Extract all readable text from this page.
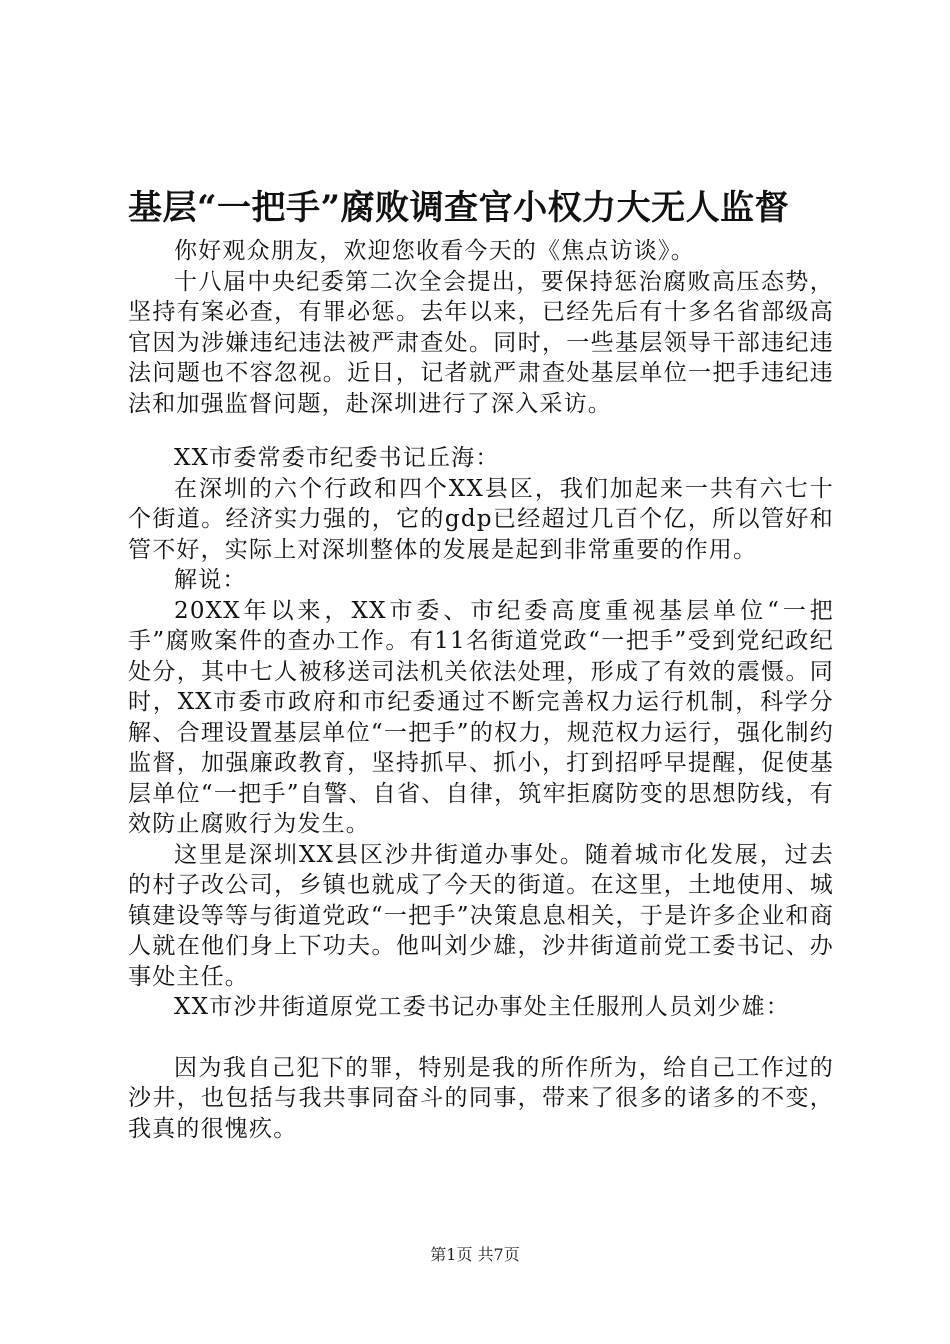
基层“一把手”腐败调查官小权力大无人监督

你好观众朋友，欢迎您收看今天的《焦点访谈》。

十八届中央纪委第二次全会提出，要保持惩治腐败高压态势，坚持有案必查，有罪必惩。去年以来，已经先后有十多名省部级高官因为涉嫌违纪违法被严肃查处。同时，一些基层领导干部违纪违法问题也不容忽视。近日，记者就严肃查处基层单位一把手违纪违法和加强监督问题，赴深圳进行了深入采访。

XX市委常委市纪委书记丘海：

在深圳的六个行政和四个XX县区，我们加起来一共有六七十个街道。经济实力强的，它的gdp已经超过几百个亿，所以管好和管不好，实际上对深圳整体的发展是起到非常重要的作用。

解说：

20XX年以来，XX市委、市纪委高度重视基层单位“一把手”腐败案件的查办工作。有11名街道党政“一把手”受到党纪政纪处分，其中七人被移送司法机关依法处理，形成了有效的震慑。同时，XX市委市政府和市纪委通过不断完善权力运行机制，科学分解、合理设置基层单位“一把手”的权力，规范权力运行，强化制约监督，加强廉政教育，坚持抓早、抓小，打到招呼早提醒，促使基层单位“一把手”自警、自省、自律，筑牢拒腐防变的思想防线，有效防止腐败行为发生。

这里是深圳XX县区沙井街道办事处。随着城市化发展，过去的村子改公司，乡镇也就成了今天的街道。在这里，土地使用、城镇建设等等与街道党政“一把手”决策息息相关，于是许多企业和商人就在他们身上下功夫。他叫刘少雄，沙井街道前党工委书记、办事处主任。

XX市沙井街道原党工委书记办事处主任服刑人员刘少雄：

因为我自己犯下的罪，特别是我的所作所为，给自己工作过的沙井，也包括与我共事同奋斗的同事，带来了很多的诸多的不变，我真的很愧疚。

第1页 共7页
